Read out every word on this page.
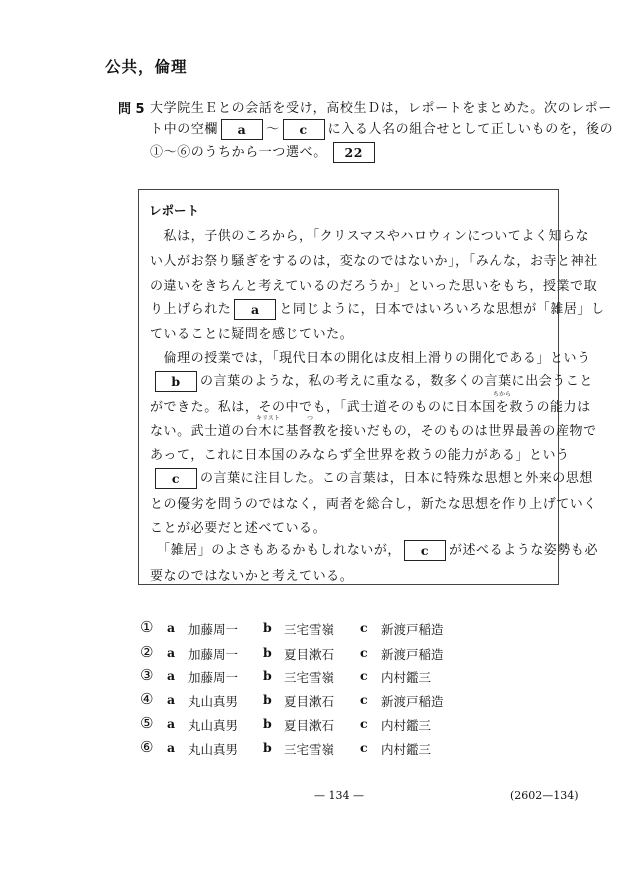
公共，倫理
問 5 大学院生Ｅとの会話を受け，高校生Ｄは，レポートをまとめた。次のレポー
ト中の空欄 a ～ c に入る人名の組合せとして正しいものを，後の
①～⑥のうちから一つ選べ。 22
レポート
　私は，子供のころから，「クリスマスやハロウィンについてよく知らな
い人がお祭り騒ぎをするのは，変なのではないか」，「みんな，お寺と神社
の違いをきちんと考えているのだろうか」といった思いをもち，授業で取
り上げられた a と同じように，日本ではいろいろな思想が「雑居」し
ていることに疑問を感じていた。
　倫理の授業では，「現代日本の開化は皮相上滑りの開化である」という
b の言葉のような，私の考えに重なる，数多くの言葉に出会うこと
ができた。私は，その中でも，「武士道そのものに日本国を救うの能力は
ちから
ない。武士道の台木に基督教を接いだもの，そのものは世界最善の産物で
キリスト	つ
あって，これに日本国のみならず全世界を救うの能力がある」という
c の言葉に注目した。この言葉は，日本に特殊な思想と外来の思想
との優劣を問うのではなく，両者を総合し，新たな思想を作り上げていく
ことが必要だと述べている。
　「雑居」のよさもあるかもしれないが， c が述べるような姿勢も必
要なのではないかと考えている。
① a 加藤周一 b 三宅雪嶺 c 新渡戸稲造
② a 加藤周一 b 夏目漱石 c 新渡戸稲造
③ a 加藤周一 b 三宅雪嶺 c 内村鑑三
④ a 丸山真男 b 夏目漱石 c 新渡戸稲造
⑤ a 丸山真男 b 夏目漱石 c 内村鑑三
⑥ a 丸山真男 b 三宅雪嶺 c 内村鑑三
— 134 —	(2602—134)
